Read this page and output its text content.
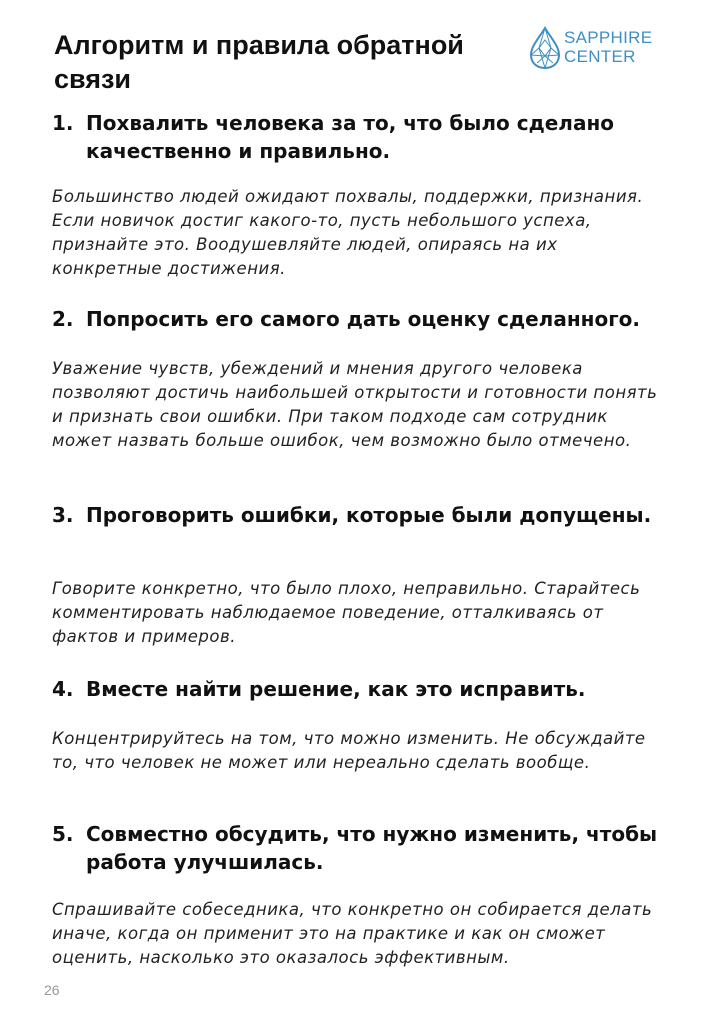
Алгоритм и правила обратной связи
SAPPHIRE
CENTER
1. Похвалить человека за то, что было сделано качественно и правильно.

Большинство людей ожидают похвалы, поддержки, признания. Если новичок достиг какого-то, пусть небольшого успеха, признайте это. Воодушевляйте людей, опираясь на их конкретные достижения.

2. Попросить его самого дать оценку сделанного.

Уважение чувств, убеждений и мнения другого человека позволяют достичь наибольшей открытости и готовности понять и признать свои ошибки. При таком подходе сам сотрудник может назвать больше ошибок, чем возможно было отмечено.

3. Проговорить ошибки, которые были допущены.

Говорите конкретно, что было плохо, неправильно. Старайтесь комментировать наблюдаемое поведение, отталкиваясь от фактов и примеров.

4. Вместе найти решение, как это исправить.

Концентрируйтесь на том, что можно изменить. Не обсуждайте то, что человек не может или нереально сделать вообще.

5. Совместно обсудить, что нужно изменить, чтобы работа улучшилась.

Спрашивайте собеседника, что конкретно он собирается делать иначе, когда он применит это на практике и как он сможет оценить, насколько это оказалось эффективным.

26
